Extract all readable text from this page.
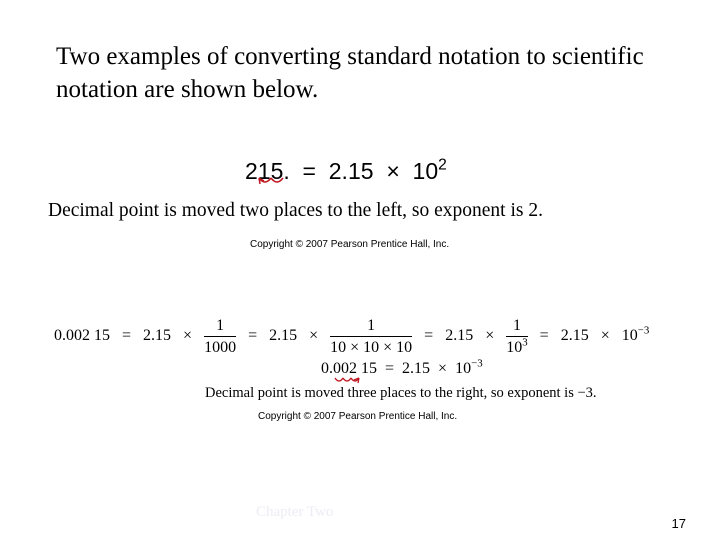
Two examples of converting standard notation to scientific notation are shown below.
215. = $2.15 \times 10^2$
Decimal point is moved two places to the left, so exponent is 2.
Copyright © 2007 Pearson Prentice Hall, Inc.
0.002 $15 = 2.15 \times \frac{1}{1000} = 2.15 \times \frac{1}{10 \times 10 \times 10} = 2.15 \times \frac{1}{10^3} = 2.15 \times 10^{-3}$
0.002 $15 = 2.15 \times 10^{-3}$
Decimal point is moved three places to the right, so exponent is −3.
Copyright © 2007 Pearson Prentice Hall, Inc.
Chapter Two
17
